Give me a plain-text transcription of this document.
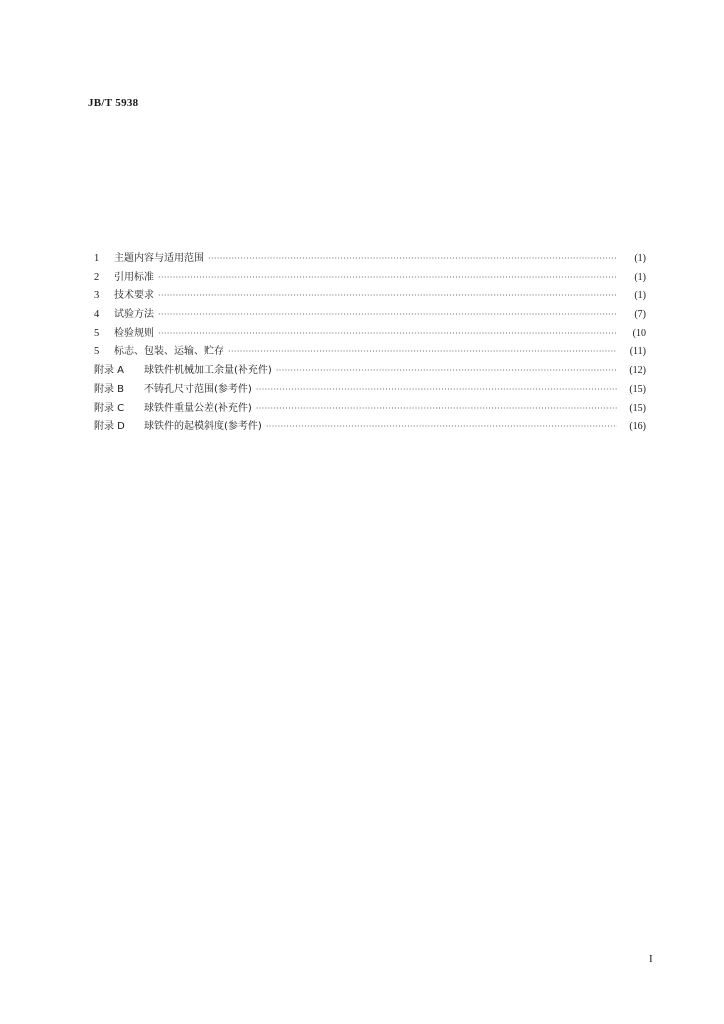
JB/T 5938
1	主题内容与适用范围 ·····	(1)
2	引用标准 ·····	(1)
3	技术要求 ·····	(1)
4	试验方法 ·····	(7)
5	检验规则 ·····	(10
5	标志、包装、运输、贮存 ·····	(11)
附录 A	球铁件机械加工余量(补充件) ·····	(12)
附录 B	不铸孔尺寸范围(参考件) ·····	(15)
附录 C	球铁件重量公差(补充件) ·····	(15)
附录 D	球铁件的起模斜度(参考件) ·····	(16)
I
